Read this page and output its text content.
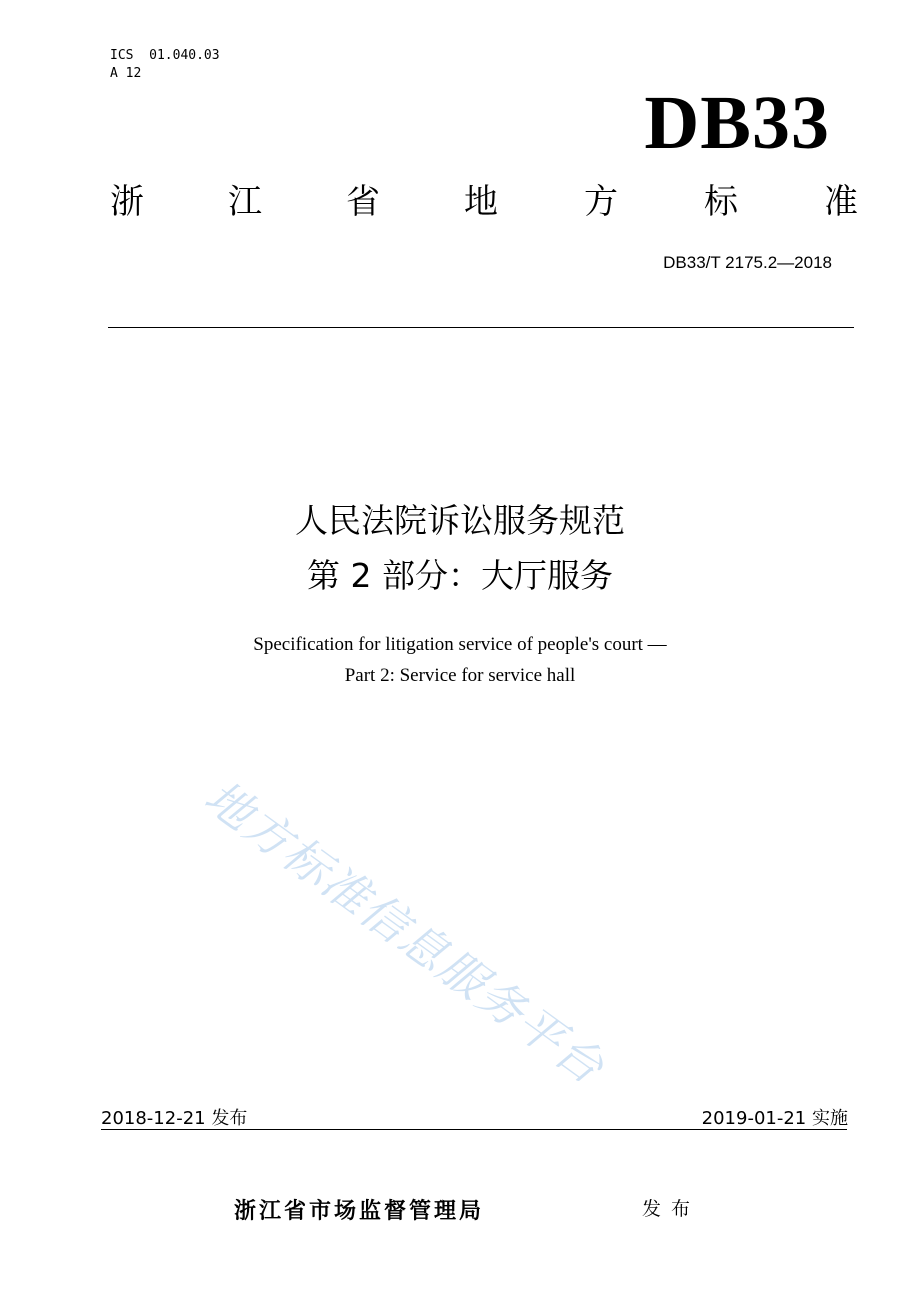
ICS  01.040.03
A 12
DB33
浙 江 省 地	方	标	准
DB33/T 2175.2—2018
人民法院诉讼服务规范
第 2 部分：大厅服务
Specification for litigation service of people's court —
Part 2: Service for service hall
地方标准信息服务平台
2018-12-21 发布	2019-01-21 实施
浙江省市场监督管理局	发布
